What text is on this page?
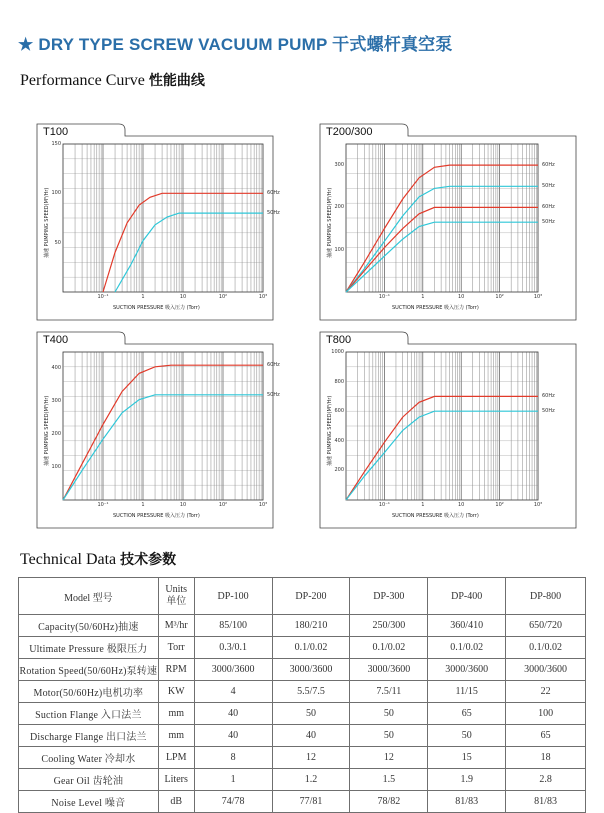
★ DRY TYPE SCREW VACUUM PUMP 干式螺杆真空泵
Performance Curve 性能曲线
60Hz
50Hz
T100
150
100
50
10⁻¹	1	10	10²	10³
SUCTION PRESSURE 吸入压力 (Torr)
抽速 PUMPING SPEED(M³/Hr)
60Hz
50Hz
60Hz
50Hz
T200/300
300
200
100
10⁻¹	1	10	10²	10³
SUCTION PRESSURE 吸入压力 (Torr)
抽速 PUMPING SPEED(M³/Hr)
60Hz
50Hz
T400
400
300
200
100
10⁻¹	1	10	10²	10³
SUCTION PRESSURE 吸入压力 (Torr)
抽速 PUMPING SPEED(M³/Hr)	60Hz
50Hz
T800
1000
800
600
400
200
10⁻¹	1	10	10²	10³
SUCTION PRESSURE 吸入压力 (Torr)
抽速 PUMPING SPEED(M³/Hr)
Technical Data 技术参数
Model 型号	Units
单位	DP-100	DP-200	DP-300	DP-400	DP-800
Capacity(50/60Hz)抽速	M³/hr	85/100	180/210	250/300	360/410	650/720
Ultimate Pressure 极限压力	Torr	0.3/0.1	0.1/0.02	0.1/0.02	0.1/0.02	0.1/0.02
Rotation Speed(50/60Hz)泵转速	RPM	3000/3600	3000/3600	3000/3600	3000/3600	3000/3600
Motor(50/60Hz)电机功率	KW	4	5.5/7.5	7.5/11	11/15	22
Suction Flange 入口法兰	mm	40	50	50	65	100
Discharge Flange 出口法兰	mm	40	40	50	50	65
Cooling Water 冷却水	LPM	8	12	12	15	18
Gear Oil 齿轮油	Liters	1	1.2	1.5	1.9	2.8
Noise Level 噪音	dB	74/78	77/81	78/82	81/83	81/83
